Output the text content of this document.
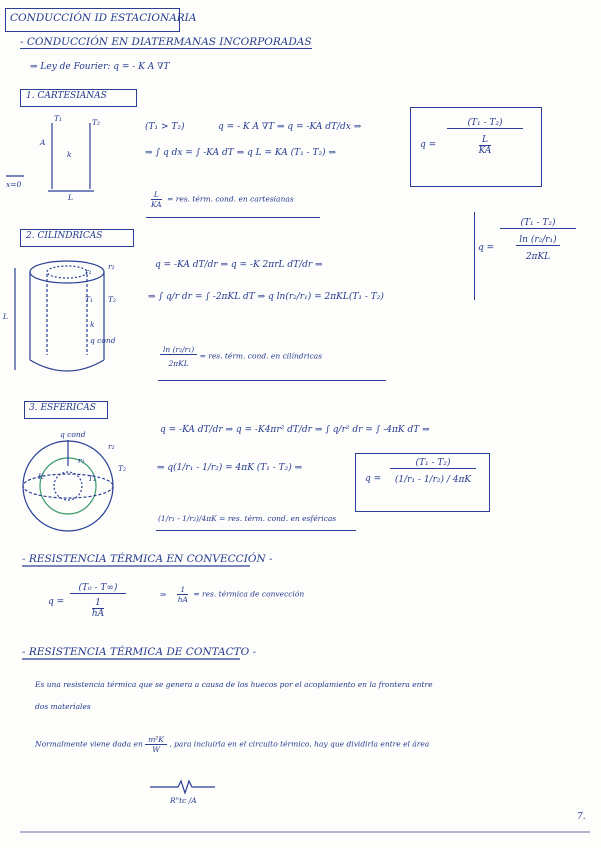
CONDUCCIÓN ID ESTACIONARIA
- CONDUCCIÓN EN DIATERMANAS INCORPORADAS
⇒ Ley de Fourier: q = - K A ∇T
1. CARTESIANAS
T₁	T₂
A
k
L
x=0
(T₁ > T₂)	q = - K A ∇T ⇒ q = -KA dT/dx ⇒
⇒ ∫ q dx = ∫ -KA dT ⇒ q L = KA (T₁ - T₂) ⇒
$q = \frac{\text{(T₁ - T₂)}}{\frac{L}{KA}}$
$\frac{L}{KA}$ = res. térm. cond. en cartesianas
2. CILÍNDRICAS
r₁
r₂
T₁ T₂
k
q cond
L
q = -KA dT/dr ⇒ q = -K 2πrL dT/dr ⇒
⇒ ∫ q/r dr = ∫ -2πKL dT ⇒ q ln(r₂/r₁) = 2πKL(T₁ - T₂)
$q = \frac{\text{(T₁ - T₂)}}{\frac{\text{ln (r₂/r₁)}}{\text{2πKL}}}$
$\frac{\text{ln (r₂/r₁)}}{\text{2πKL}}$ = res. térm. cond. en cilíndricas
3. ESFÉRICAS
q cond
r₂
r₁
T₂
T₁
K
q = -KA dT/dr ⇒ q = -K4πr² dT/dr ⇒ ∫ q/r² dr = ∫ -4πK dT ⇒
⇒ q(1/r₁ - 1/r₂) = 4πK (T₁ - T₂) ⇒
$q = \frac{\text{(T₁ - T₂)}}{\text{(1/r₁ - 1/r₂) / 4πK}}$
(1/r₁ - 1/r₂)/4πK = res. térm. cond. en esféricas
- RESISTENCIA TÉRMICA EN CONVECCIÓN -
$q = \frac{\text{(T₀ - T∞)}}{\frac{1}{hA}}$	⇒ $\frac{1}{hA}$ = res. térmica de convección
- RESISTENCIA TÉRMICA DE CONTACTO -
Es una resistencia térmica que se genera a causa de los huecos por el acoplamiento en la frontera entre
dos materiales
Normalmente viene dada en $\frac{\text{m²K}}{W}$ , para incluirla en el circuito térmico, hay que dividirla entre el área
R"tc /A
7.
